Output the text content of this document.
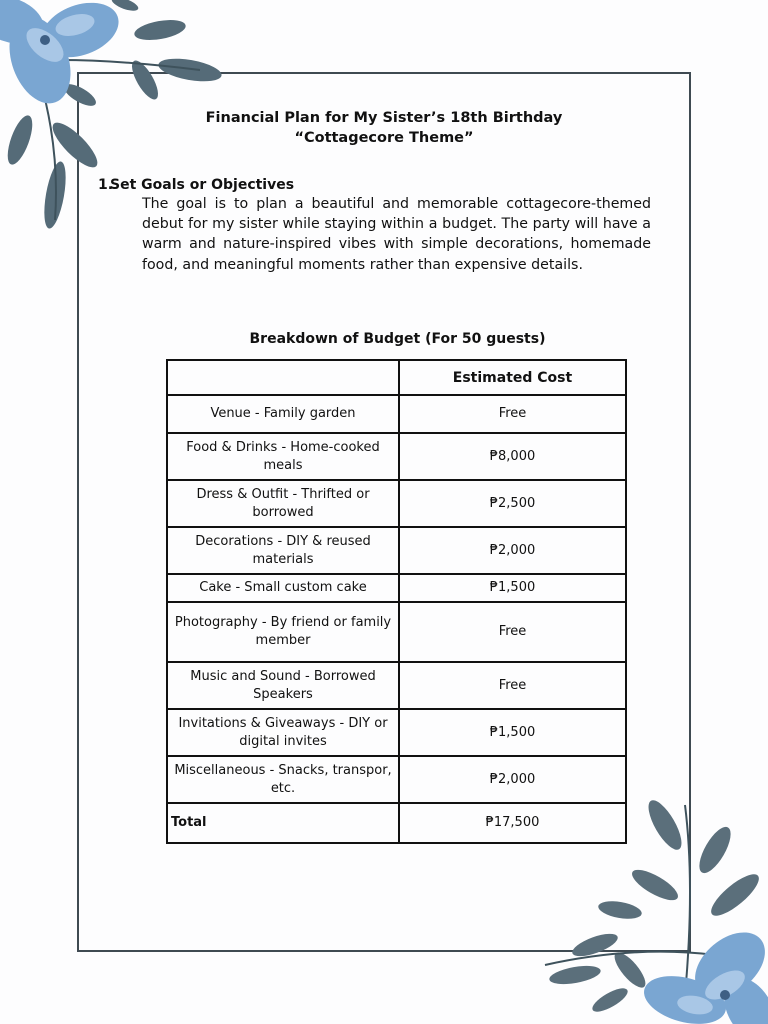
Financial Plan for My Sister’s 18th Birthday
“Cottagecore Theme”
1.
Set Goals or Objectives
The goal is to plan a beautiful and memorable cottagecore-themed debut for my sister while staying within a budget. The party will have a warm and nature-inspired vibes with simple decorations, homemade food, and meaningful moments rather than expensive details.
Breakdown of Budget (For 50 guests)
	Estimated Cost
Venue - Family garden	Free
Food & Drinks - Home-cooked meals	₱8,000
Dress & Outfit - Thrifted or borrowed	₱2,500
Decorations - DIY & reused materials	₱2,000
Cake - Small custom cake	₱1,500
Photography - By friend or family member	Free
Music and Sound - Borrowed Speakers	Free
Invitations & Giveaways - DIY or digital invites	₱1,500
Miscellaneous - Snacks, transpor, etc.	₱2,000
Total	₱17,500
